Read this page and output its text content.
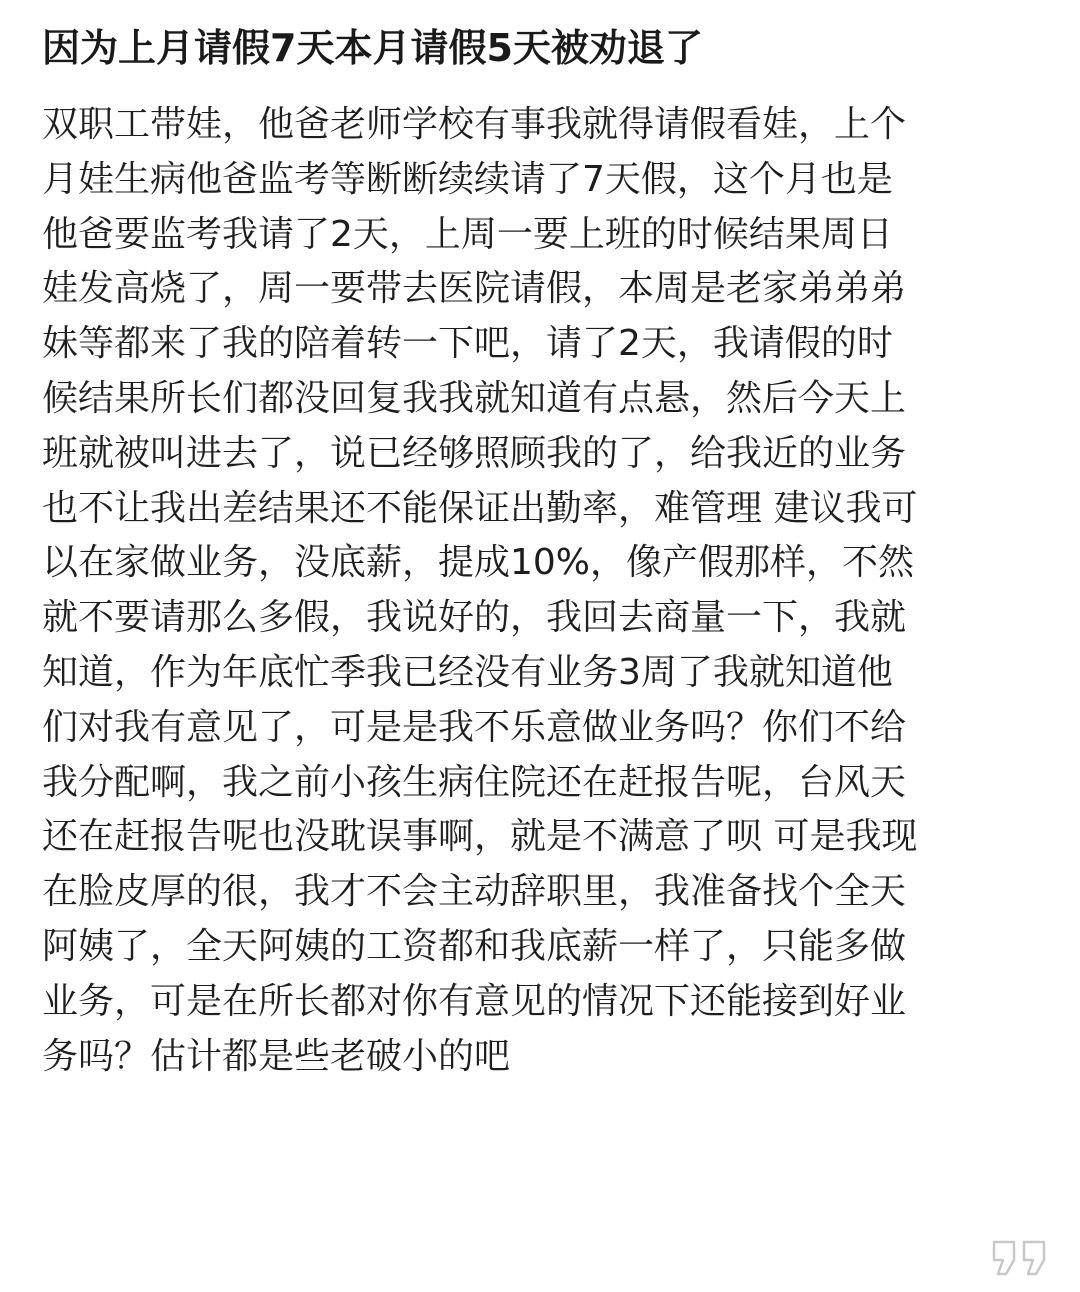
因为上月请假7天本月请假5天被劝退了
双职工带娃，他爸老师学校有事我就得请假看娃，上个
月娃生病他爸监考等断断续续请了7天假，这个月也是
他爸要监考我请了2天，上周一要上班的时候结果周日
娃发高烧了，周一要带去医院请假，本周是老家弟弟弟
妹等都来了我的陪着转一下吧，请了2天，我请假的时
候结果所长们都没回复我我就知道有点悬，然后今天上
班就被叫进去了，说已经够照顾我的了，给我近的业务
也不让我出差结果还不能保证出勤率，难管理 建议我可
以在家做业务，没底薪，提成10%，像产假那样，不然
就不要请那么多假，我说好的，我回去商量一下，我就
知道，作为年底忙季我已经没有业务3周了我就知道他
们对我有意见了，可是是我不乐意做业务吗？你们不给
我分配啊，我之前小孩生病住院还在赶报告呢，台风天
还在赶报告呢也没耽误事啊，就是不满意了呗 可是我现
在脸皮厚的很，我才不会主动辞职里，我准备找个全天
阿姨了，全天阿姨的工资都和我底薪一样了，只能多做
业务，可是在所长都对你有意见的情况下还能接到好业
务吗？估计都是些老破小的吧
